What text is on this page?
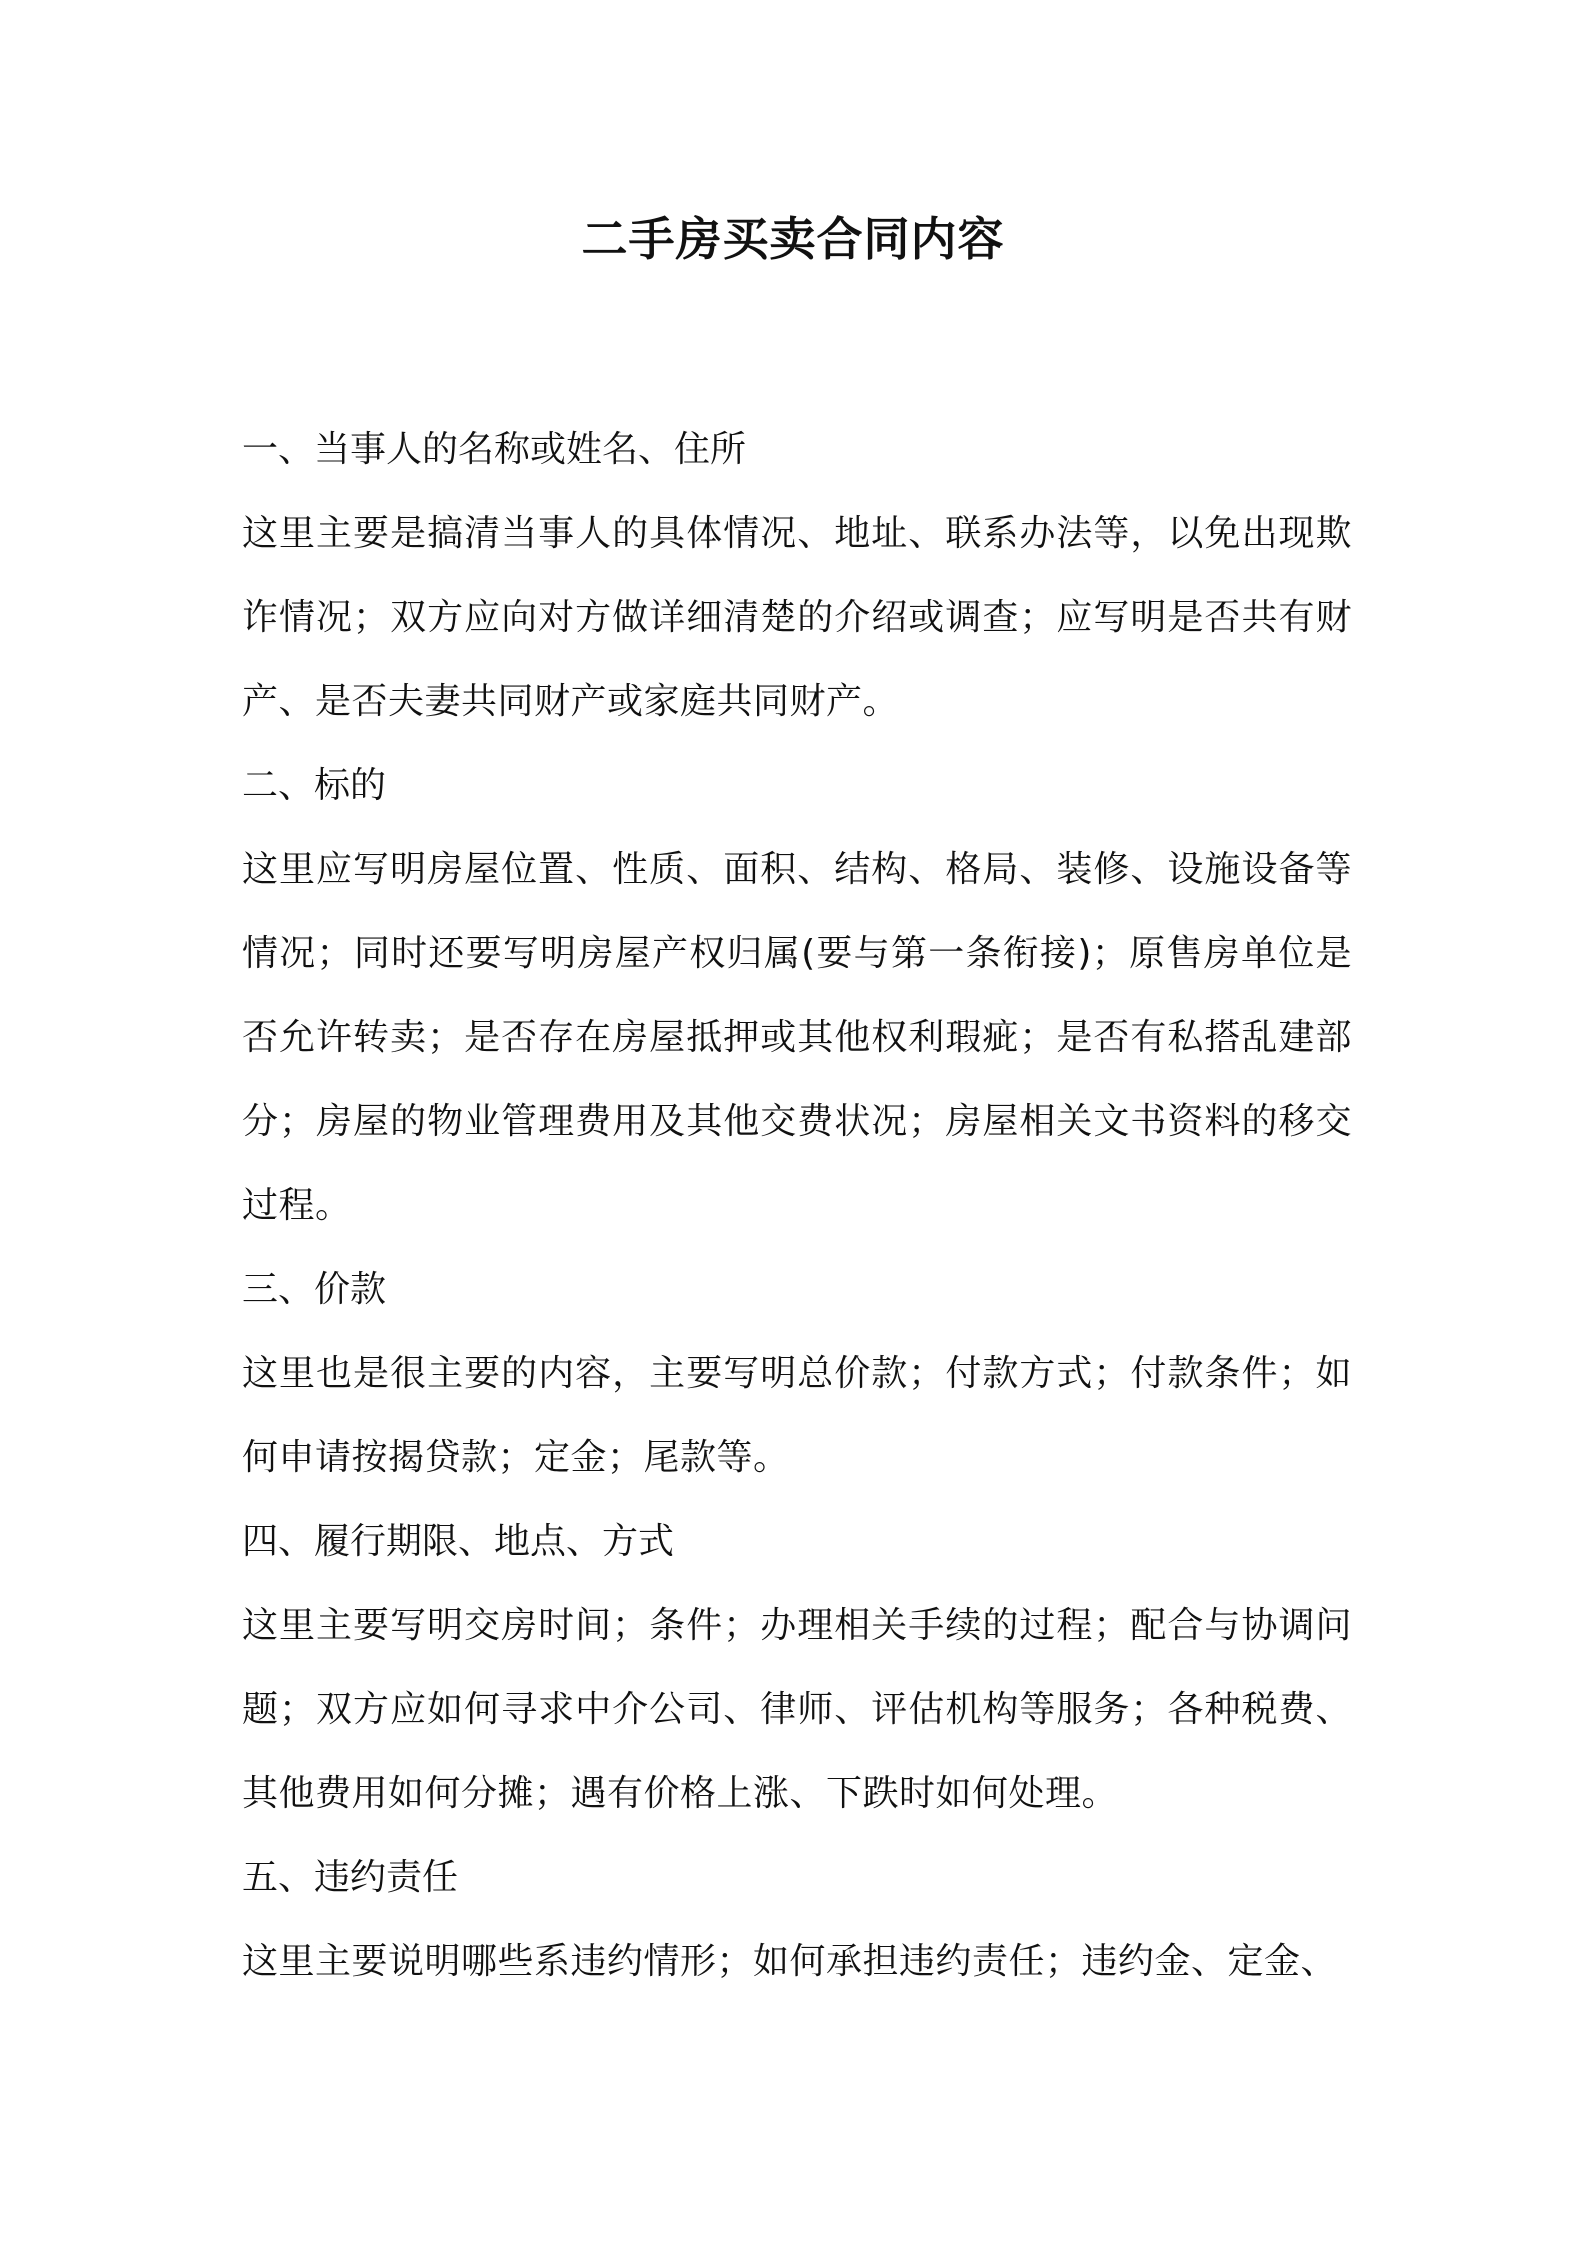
二手房买卖合同内容

一、当事人的名称或姓名、住所

这里主要是搞清当事人的具体情况、地址、联系办法等，以免出现欺诈情况；双方应向对方做详细清楚的介绍或调查；应写明是否共有财产、是否夫妻共同财产或家庭共同财产。

二、标的

这里应写明房屋位置、性质、面积、结构、格局、装修、设施设备等情况；同时还要写明房屋产权归属(要与第一条衔接)；原售房单位是否允许转卖；是否存在房屋抵押或其他权利瑕疵；是否有私搭乱建部分；房屋的物业管理费用及其他交费状况；房屋相关文书资料的移交过程。

三、价款

这里也是很主要的内容，主要写明总价款；付款方式；付款条件；如何申请按揭贷款；定金；尾款等。

四、履行期限、地点、方式

这里主要写明交房时间；条件；办理相关手续的过程；配合与协调问题；双方应如何寻求中介公司、律师、评估机构等服务；各种税费、其他费用如何分摊；遇有价格上涨、下跌时如何处理。

五、违约责任

这里主要说明哪些系违约情形；如何承担违约责任；违约金、定金、
